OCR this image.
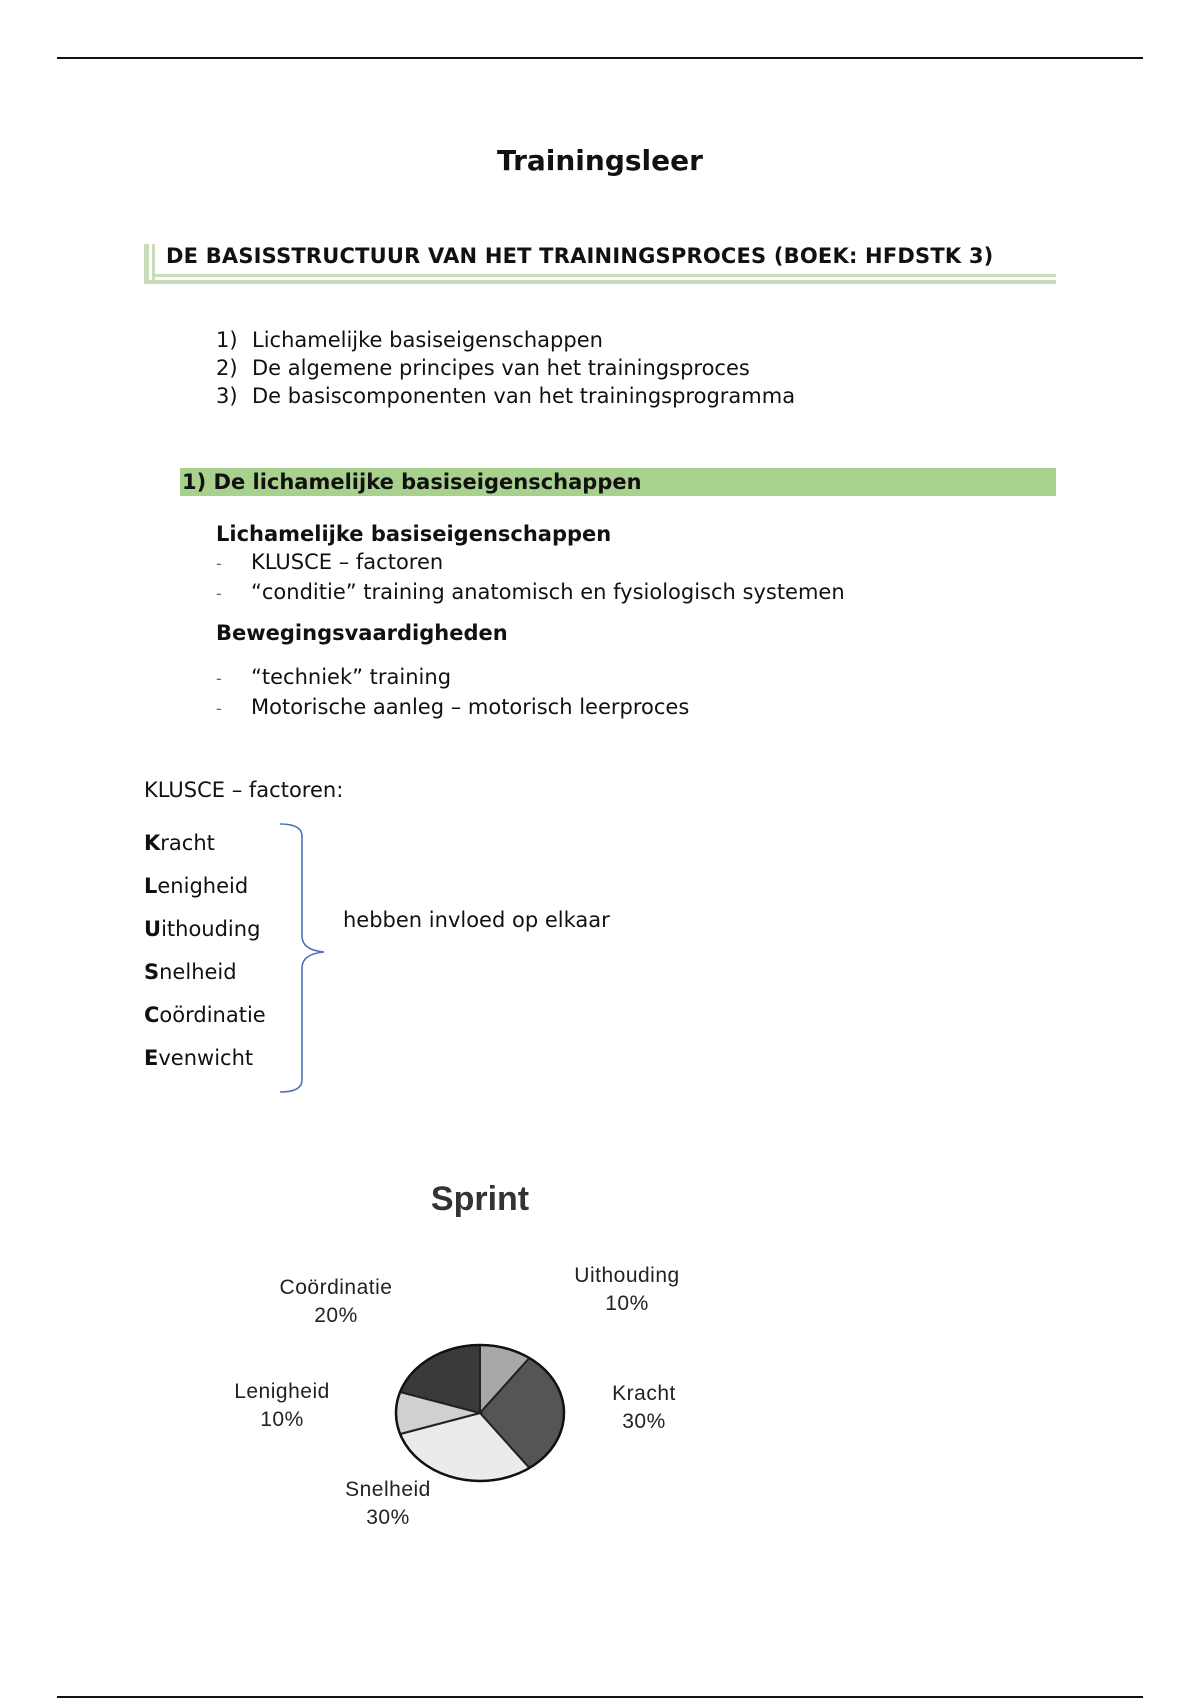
Trainingsleer
DE BASISSTRUCTUUR VAN HET TRAININGSPROCES (BOEK: HFDSTK 3)
1) Lichamelijke basiseigenschappen
2) De algemene principes van het trainingsproces
3) De basiscomponenten van het trainingsprogramma
1) De lichamelijke basiseigenschappen
Lichamelijke basiseigenschappen
- KLUSCE – factoren
- “conditie” training anatomisch en fysiologisch systemen
Bewegingsvaardigheden
- “techniek” training
- Motorische aanleg – motorisch leerproces

KLUSCE – factoren:

Kracht
Lenigheid
Uithouding
Snelheid
Coördinatie
Evenwicht

hebben invloed op elkaar

Sprint
Uithouding
10%
Kracht
30%
Snelheid
30%
Lenigheid
10%
Coördinatie
20%
